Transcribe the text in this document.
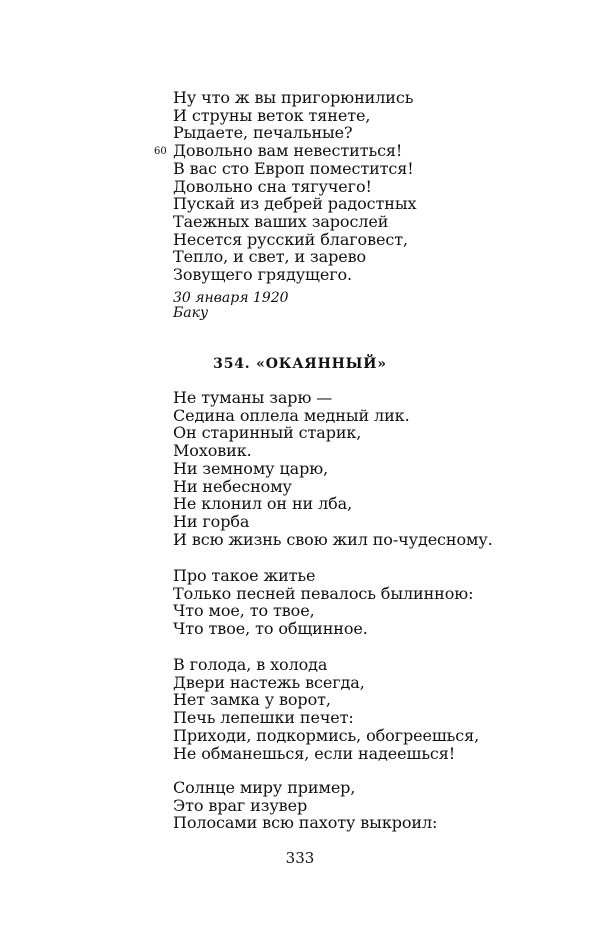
Ну что ж вы пригорюнились
И струны веток тянете,
Рыдаете, печальные?
Довольно вам невеститься!
В вас сто Европ поместится!
Довольно сна тягучего!
Пускай из дебрей радостных
Таежных ваших зарослей
Несется русский благовест,
Тепло, и свет, и зарево
Зовущего грядущего.
60
30 января 1920
Баку
354. «ОКАЯННЫЙ»
Не туманы зарю —
Седина оплела медный лик.
Он старинный старик,
Моховик.
Ни земному царю,
Ни небесному
Не клонил он ни лба,
Ни горба
И всю жизнь свою жил по-чудесному.
Про такое житье
Только песней певалось былинною:
Что мое, то твое,
Что твое, то общинное.
В голода, в холода
Двери настежь всегда,
Нет замка у ворот,
Печь лепешки печет:
Приходи, подкормись, обогреешься,
Не обманешься, если надеешься!
Солнце миру пример,
Это враг изувер
Полосами всю пахоту выкроил:
333
